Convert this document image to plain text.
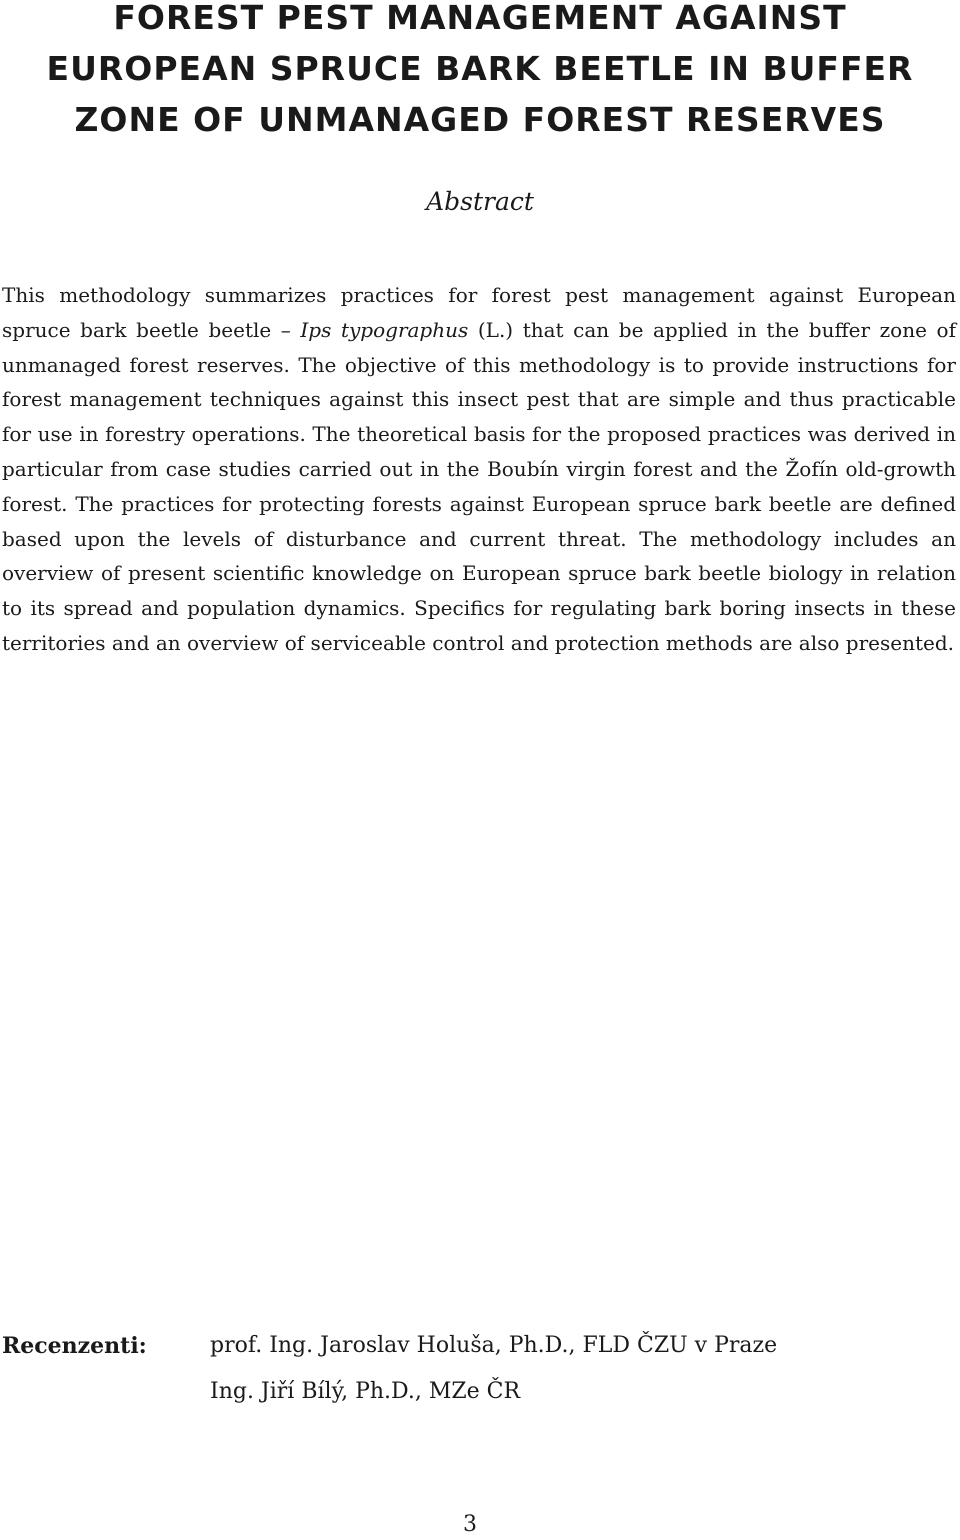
FOREST PEST MANAGEMENT AGAINST
EUROPEAN SPRUCE BARK BEETLE IN BUFFER
ZONE OF UNMANAGED FOREST RESERVES
Abstract

This methodology summarizes practices for forest pest management against European spruce bark beetle beetle – Ips typographus (L.) that can be applied in the buffer zone of unmanaged forest reserves. The objective of this methodology is to provide instructions for forest management techniques against this insect pest that are simple and thus practicable for use in forestry operations. The theoretical basis for the proposed practices was derived in particular from case studies carried out in the Boubín virgin forest and the Žofín old-growth forest. The practices for protecting forests against European spruce bark beetle are defined based upon the levels of disturbance and current threat. The methodology includes an overview of present scientific knowledge on European spruce bark beetle biology in relation to its spread and population dynamics. Specifics for regulating bark boring insects in these territories and an overview of serviceable control and protection methods are also presented.

Recenzenti:	prof. Ing. Jaroslav Holuša, Ph.D., FLD ČZU v Praze
Ing. Jiří Bílý, Ph.D., MZe ČR
3
